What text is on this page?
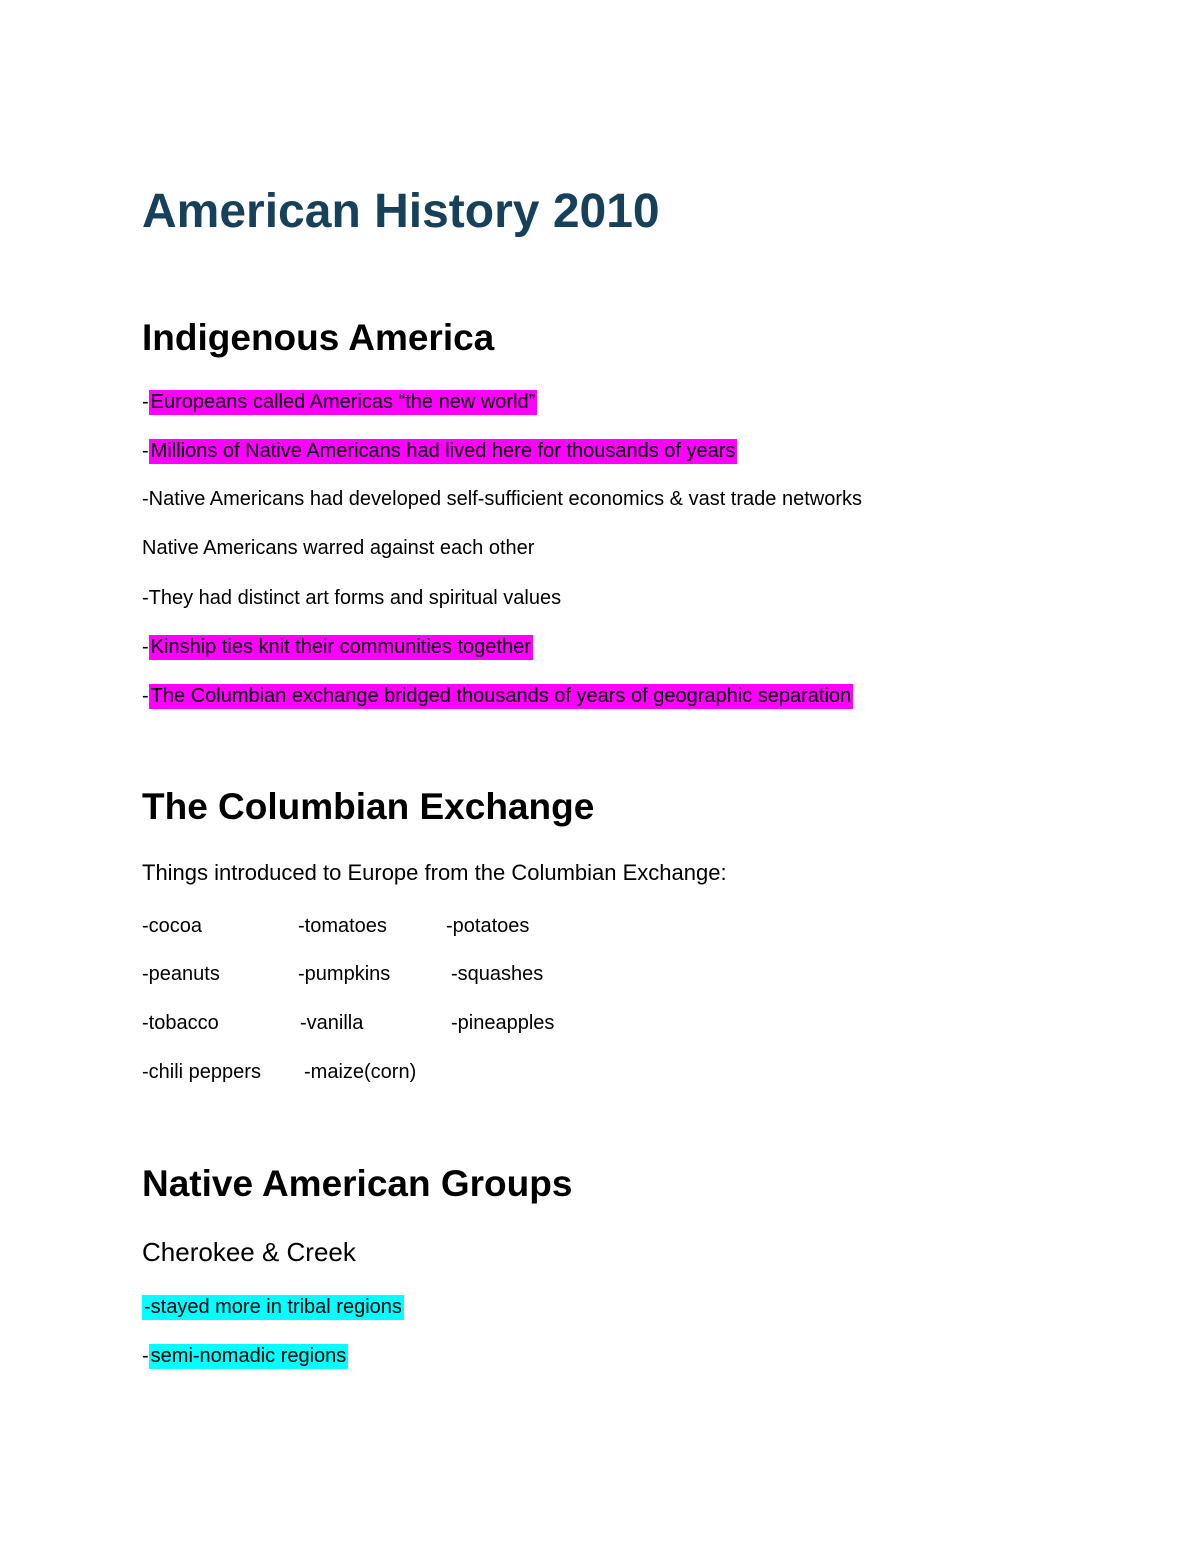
American History 2010
Indigenous America

- Europeans called Americas “the new world”

- Millions of Native Americans had lived here for thousands of years

-Native Americans had developed self-sufficient economics & vast trade networks

Native Americans warred against each other

-They had distinct art forms and spiritual values

- Kinship ties knit their communities together

- The Columbian exchange bridged thousands of years of geographic separation

The Columbian Exchange

Things introduced to Europe from the Columbian Exchange:

-cocoa	-tomatoes	-potatoes
-peanuts	-pumpkins	-squashes
-tobacco	-vanilla	-pineapples
-chili peppers -maize(corn)
Native American Groups
Cherokee & Creek

-stayed more in tribal regions

- semi-nomadic regions
